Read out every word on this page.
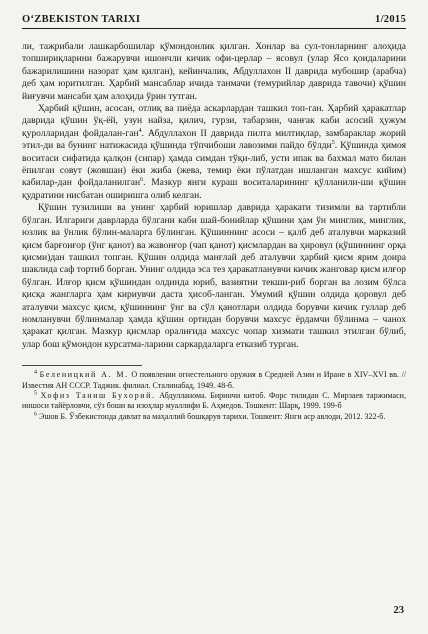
O‘ZBEKISTON TARIXI	1/2015

ли, тажрибали лашкарбошилар қўмондонлик қилган. Хонлар ва сул-тонларнинг алоҳида топшириқларини бажарувчи ишончли кичик офи-церлар – ясовул (улар Ясо қоидаларини бажарилишини назорат ҳам қилган), кейинчалик, Абдуллахон II даврида мубошир (арабча) деб ҳам юритилган. Ҳарбий мансаблар ичида танмачи (темурийлар даврида тавочи) қўшин йиғувчи мансаби ҳам алоҳида ўрин тутган.

Ҳарбий қўшин, асосан, отлиқ ва пиёда аскарлардан ташкил топ-ган. Ҳарбий ҳаракатлар даврида қўшин ўқ-ёй, узун найза, қилич, гурзи, табарзин, чанғак каби асосий ҳужум қуролларидан фойдалан-ган$^4$. Абдуллахон II даврида пилта милтиқлар, замбараклар жорий этил-ди ва бунинг натижасида қўшинда тўпчибоши лавозими пайдо бўлди$^5$. Қўшинда ҳимоя воситаси сифатида қалқон (сипар) ҳамда симдан тўқи-либ, усти ипак ва бахмал мато билан ёпилган совут (жовшан) ёки жиба (жева, темир ёки пўлатдан ишланган махсус кийим) кабилар-дан фойдаланилган$^6$. Мазкур янги кураш воситаларининг қўлланили-ши қўшин қудратини нисбатан оширишга олиб келган.

Қўшин тузилиши ва унинг ҳарбий юришлар даврида ҳаракати тизимли ва тартибли бўлган. Илгариги даврларда бўлгани каби шай-бонийлар қўшини ҳам ўн минглик, минглик, юзлик ва ўнлик бўлин-маларга бўлинган. Қўшиннинг асоси – қалб деб аталувчи марказий қисм барғонғор (ўнг қанот) ва жавонғор (чап қанот) қисмлардан ва ҳировул (қўшиннинг орқа қисми)дан ташкил топган. Қўшин олдида манғлай деб аталувчи ҳарбий қисм ярим доира шаклида саф тортиб борган. Унинг олдида эса тез ҳаракатланувчи кичик жанговар қисм илғор бўлган. Илғор қисм қўшиндан олдинда юриб, вазиятни текши-риб борган ва лозим бўлса қисқа жангларга ҳам кириувчи дастa ҳисоб-ланган. Умумий қўшин олдида қоровул деб аталувчи махсус қисм, қўшиннинг ўнг ва сўл қанотлари олдида борувчи кичик гуллар деб номланувчи бўлинмалар ҳамда қўшин ортидан борувчи махсус ёрдамчи бўлинма – чанох ҳаракат қилган. Мазкур қисмлар оралиғида махсус чопар хизмати ташкил этилган бўлиб, улар бош қўмондон курсатма-ларини саркардаларга етказиб турган.

$^4$ Беленицкий А. М. О появлении огнестельного оружия в Средней Азии и Иране в XIV–XVI вв. // Известия АН СССР. Таджик. филиал. Сталинабад, 1949. 48-б.

$^5$ Хофиз Таниш Бухорий. Абдулланома. Биринчи китоб. Форс тилидан С. Мирзаев таржимаси, иншоси тайёрловчи, сўз боши ва изоҳлар муаллифи Б. Аҳмедов. Тошкент: Шарқ, 1999. 199-б

$^6$ Эшов Б. Ўзбекистонда давлат ва маҳаллий бошқарув тарихи. Тошкент: Янги аср авлоди, 2012. 322-б.

23
